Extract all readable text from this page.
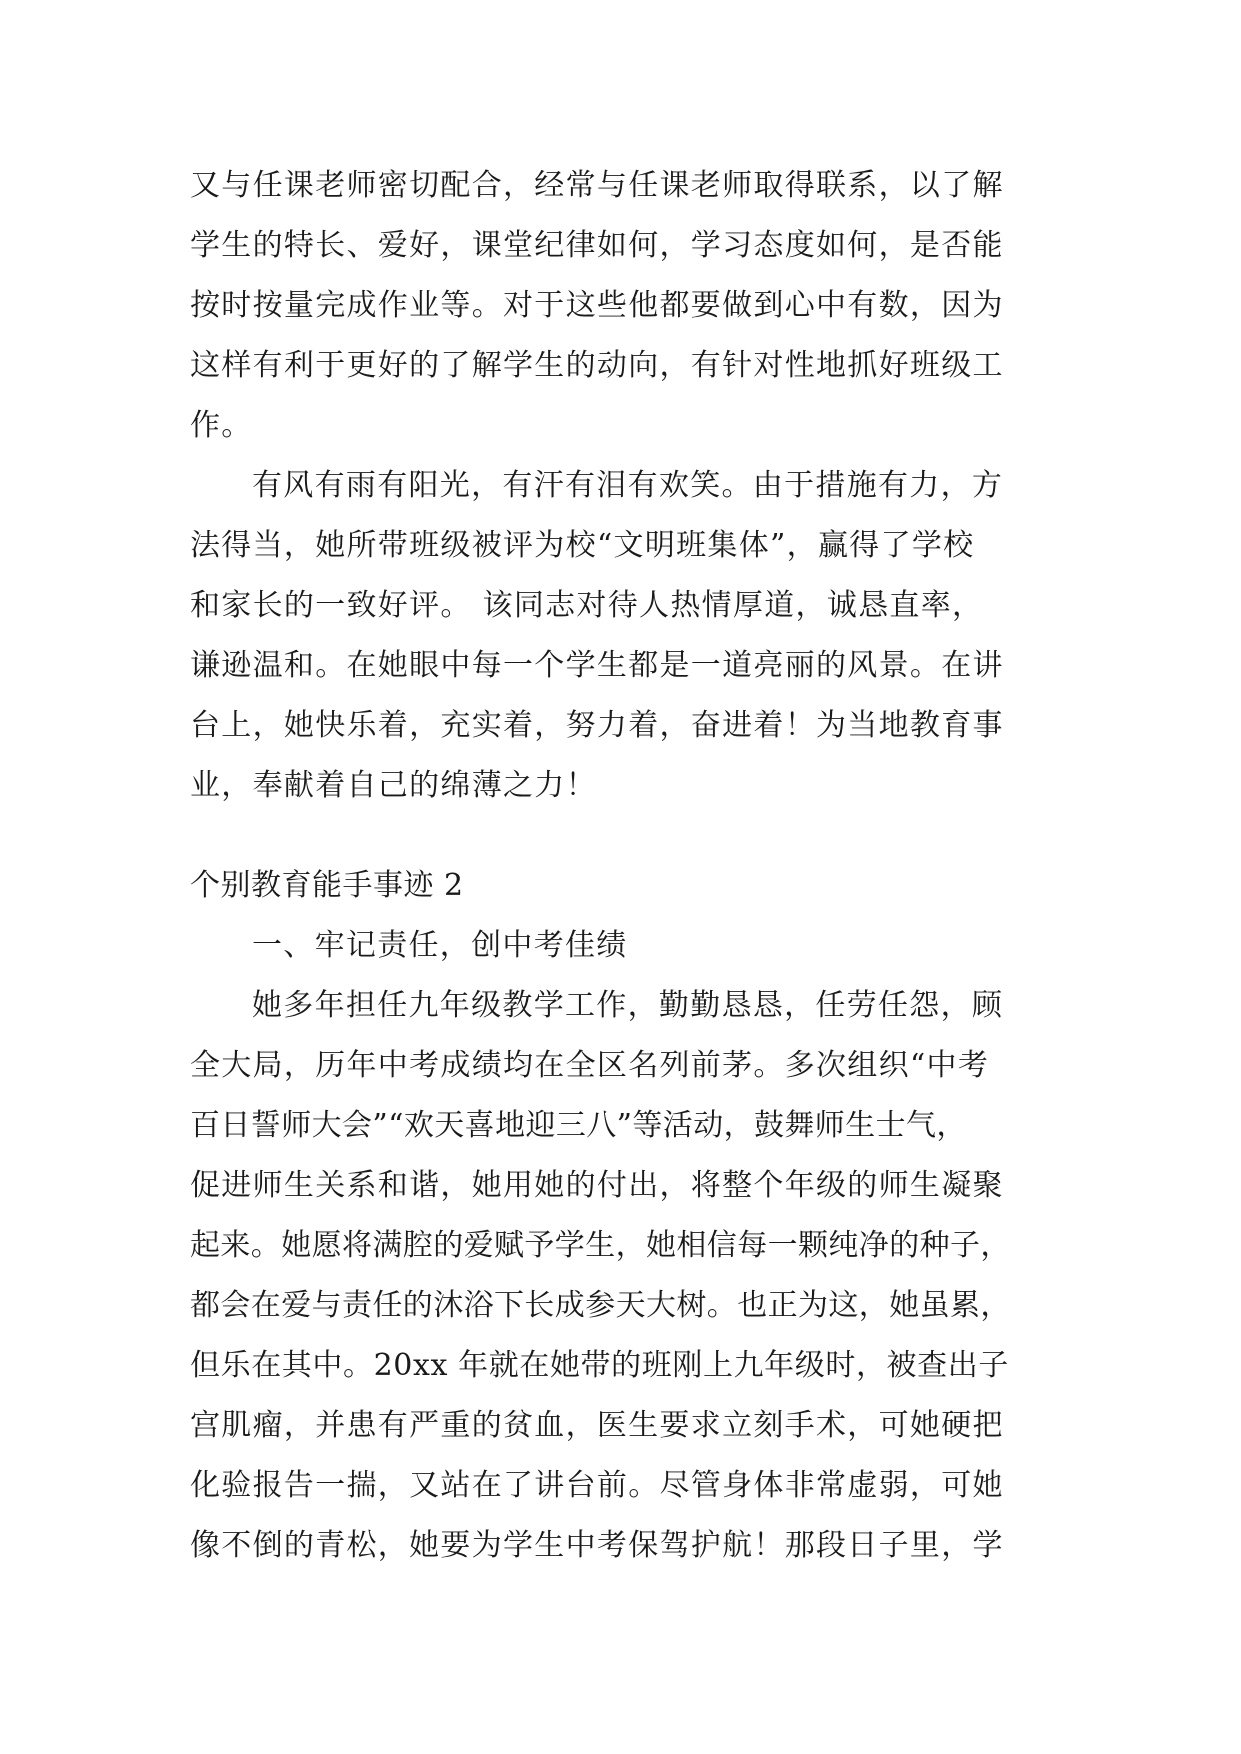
又与任课老师密切配合，经常与任课老师取得联系，以了解
学生的特长、爱好，课堂纪律如何，学习态度如何，是否能
按时按量完成作业等。对于这些他都要做到心中有数，因为
这样有利于更好的了解学生的动向，有针对性地抓好班级工
作。
有风有雨有阳光，有汗有泪有欢笑。由于措施有力，方
法得当，她所带班级被评为校“文明班集体”，赢得了学校
和家长的一致好评。 该同志对待人热情厚道，诚恳直率，
谦逊温和。在她眼中每一个学生都是一道亮丽的风景。在讲
台上，她快乐着，充实着，努力着，奋进着！为当地教育事
业，奉献着自己的绵薄之力！
个别教育能手事迹 2
一、牢记责任，创中考佳绩
她多年担任九年级教学工作，勤勤恳恳，任劳任怨，顾
全大局，历年中考成绩均在全区名列前茅。多次组织“中考
百日誓师大会”“欢天喜地迎三八”等活动，鼓舞师生士气，
促进师生关系和谐，她用她的付出，将整个年级的师生凝聚
起来。她愿将满腔的爱赋予学生，她相信每一颗纯净的种子，
都会在爱与责任的沐浴下长成参天大树。也正为这，她虽累，
但乐在其中。20xx 年就在她带的班刚上九年级时，被查出子
宫肌瘤，并患有严重的贫血，医生要求立刻手术，可她硬把
化验报告一揣，又站在了讲台前。尽管身体非常虚弱，可她
像不倒的青松，她要为学生中考保驾护航！那段日子里，学
